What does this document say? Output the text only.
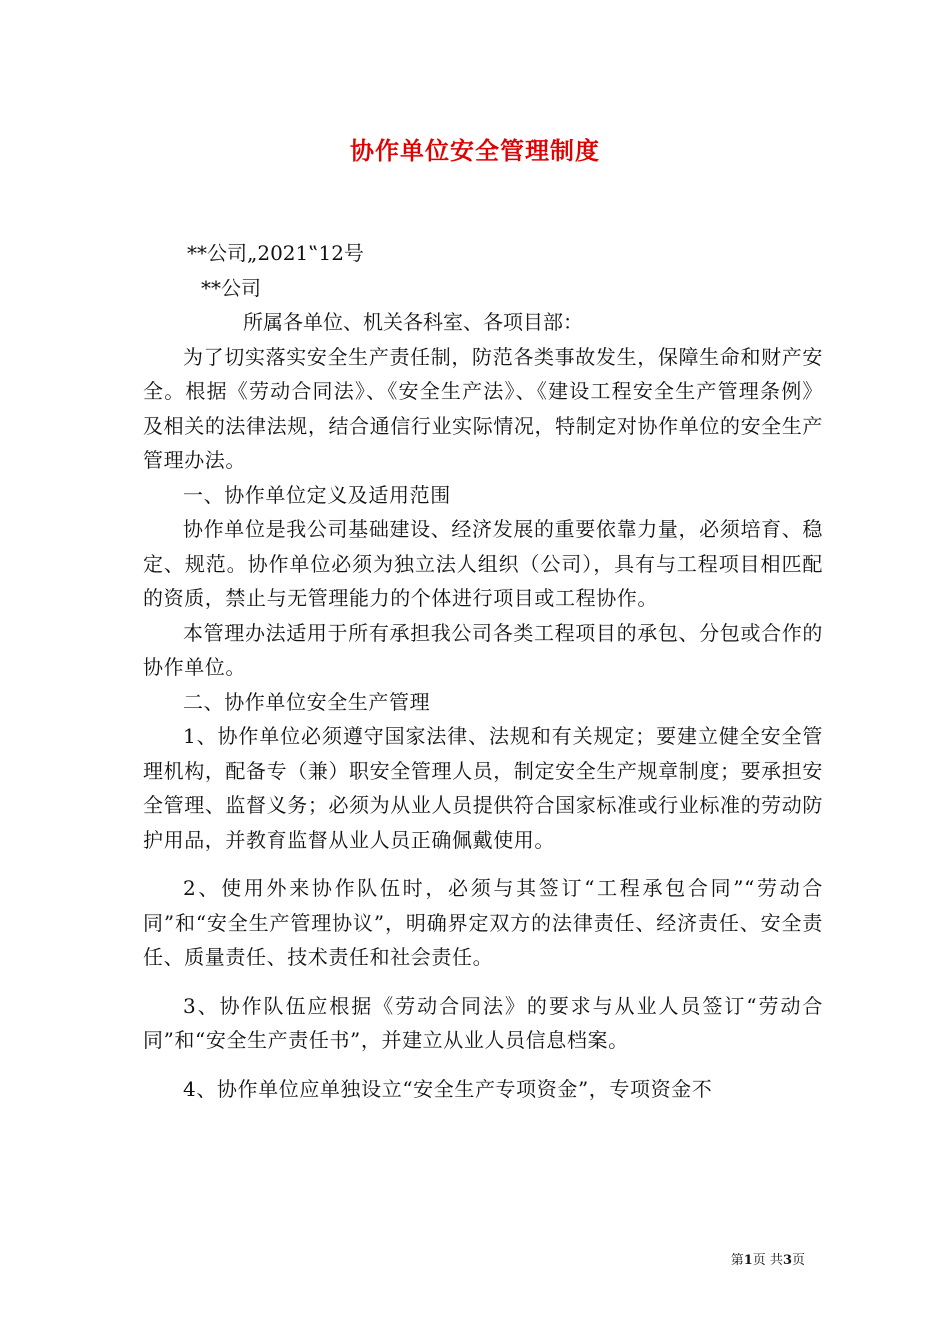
协作单位安全管理制度
**公司„2021‟12号
**公司
所属各单位、机关各科室、各项目部：

为了切实落实安全生产责任制，防范各类事故发生，保障生命和财产安全。根据《劳动合同法》、《安全生产法》、《建设工程安全生产管理条例》及相关的法律法规，结合通信行业实际情况，特制定对协作单位的安全生产管理办法。

一、协作单位定义及适用范围

协作单位是我公司基础建设、经济发展的重要依靠力量，必须培育、稳定、规范。协作单位必须为独立法人组织（公司），具有与工程项目相匹配的资质，禁止与无管理能力的个体进行项目或工程协作。

本管理办法适用于所有承担我公司各类工程项目的承包、分包或合作的协作单位。

二、协作单位安全生产管理

1、协作单位必须遵守国家法律、法规和有关规定；要建立健全安全管理机构，配备专（兼）职安全管理人员，制定安全生产规章制度；要承担安全管理、监督义务；必须为从业人员提供符合国家标准或行业标准的劳动防护用品，并教育监督从业人员正确佩戴使用。

2、使用外来协作队伍时，必须与其签订“工程承包合同”“劳动合同”和“安全生产管理协议”，明确界定双方的法律责任、经济责任、安全责任、质量责任、技术责任和社会责任。

3、协作队伍应根据《劳动合同法》的要求与从业人员签订“劳动合同”和“安全生产责任书”，并建立从业人员信息档案。

4、协作单位应单独设立“安全生产专项资金”，专项资金不

第1页 共3页
